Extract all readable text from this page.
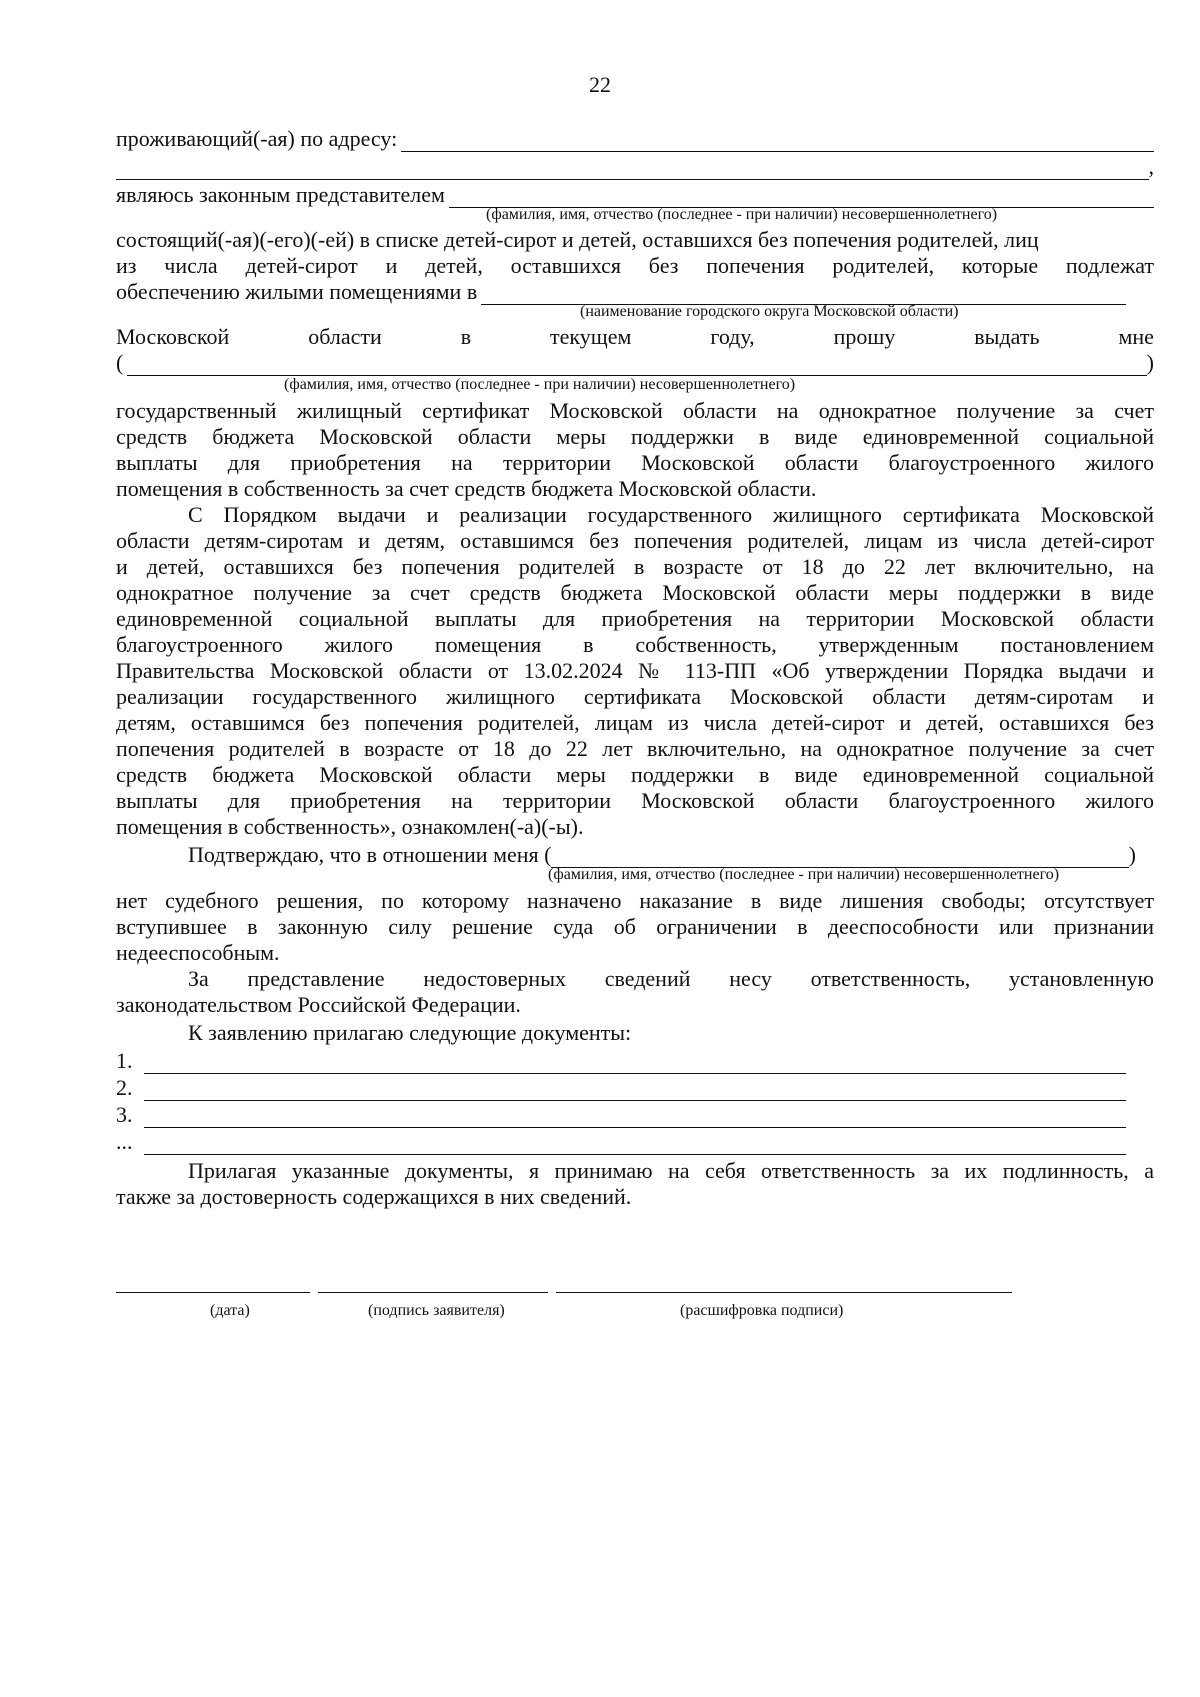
22
проживающий(-ая) по адресу:
,
являюсь законным представителем
(фамилия, имя, отчество (последнее - при наличии) несовершеннолетнего)
состоящий(-ая)(-его)(-ей) в списке детей-сирот и детей, оставшихся без попечения родителей, лиц
из числа детей-сирот и детей, оставшихся без попечения родителей, которые подлежат
обеспечению жилыми помещениями в
(наименование городского округа Московской области)
Московской	области	в	текущем	году,	прошу	выдать	мне
(	)
(фамилия, имя, отчество (последнее - при наличии) несовершеннолетнего)
государственный жилищный сертификат Московской области на однократное получение за счет
средств бюджета Московской области меры поддержки в виде единовременной социальной
выплаты для приобретения на территории Московской области благоустроенного жилого
помещения в собственность за счет средств бюджета Московской области.
С Порядком выдачи и реализации государственного жилищного сертификата Московской
области детям-сиротам и детям, оставшимся без попечения родителей, лицам из числа детей-сирот
и детей, оставшихся без попечения родителей в возрасте от 18 до 22 лет включительно, на
однократное получение за счет средств бюджета Московской области меры поддержки в виде
единовременной социальной выплаты для приобретения на территории Московской области
благоустроенного жилого помещения в собственность, утвержденным постановлением
Правительства Московской области от 13.02.2024 № 113-ПП «Об утверждении Порядка выдачи и
реализации государственного жилищного сертификата Московской области детям-сиротам и
детям, оставшимся без попечения родителей, лицам из числа детей-сирот и детей, оставшихся без
попечения родителей в возрасте от 18 до 22 лет включительно, на однократное получение за счет
средств бюджета Московской области меры поддержки в виде единовременной социальной
выплаты для приобретения на территории Московской области благоустроенного жилого
помещения в собственность», ознакомлен(-а)(-ы).
Подтверждаю, что в отношении меня (	)
(фамилия, имя, отчество (последнее - при наличии) несовершеннолетнего)
нет судебного решения, по которому назначено наказание в виде лишения свободы; отсутствует
вступившее в законную силу решение суда об ограничении в дееспособности или признании
недееспособным.
За представление недостоверных сведений несу ответственность, установленную
законодательством Российской Федерации.
К заявлению прилагаю следующие документы:
1.
2.
3.
...
Прилагая указанные документы, я принимаю на себя ответственность за их подлинность, а
также за достоверность содержащихся в них сведений.
(дата)	(подпись заявителя)	(расшифровка подписи)
